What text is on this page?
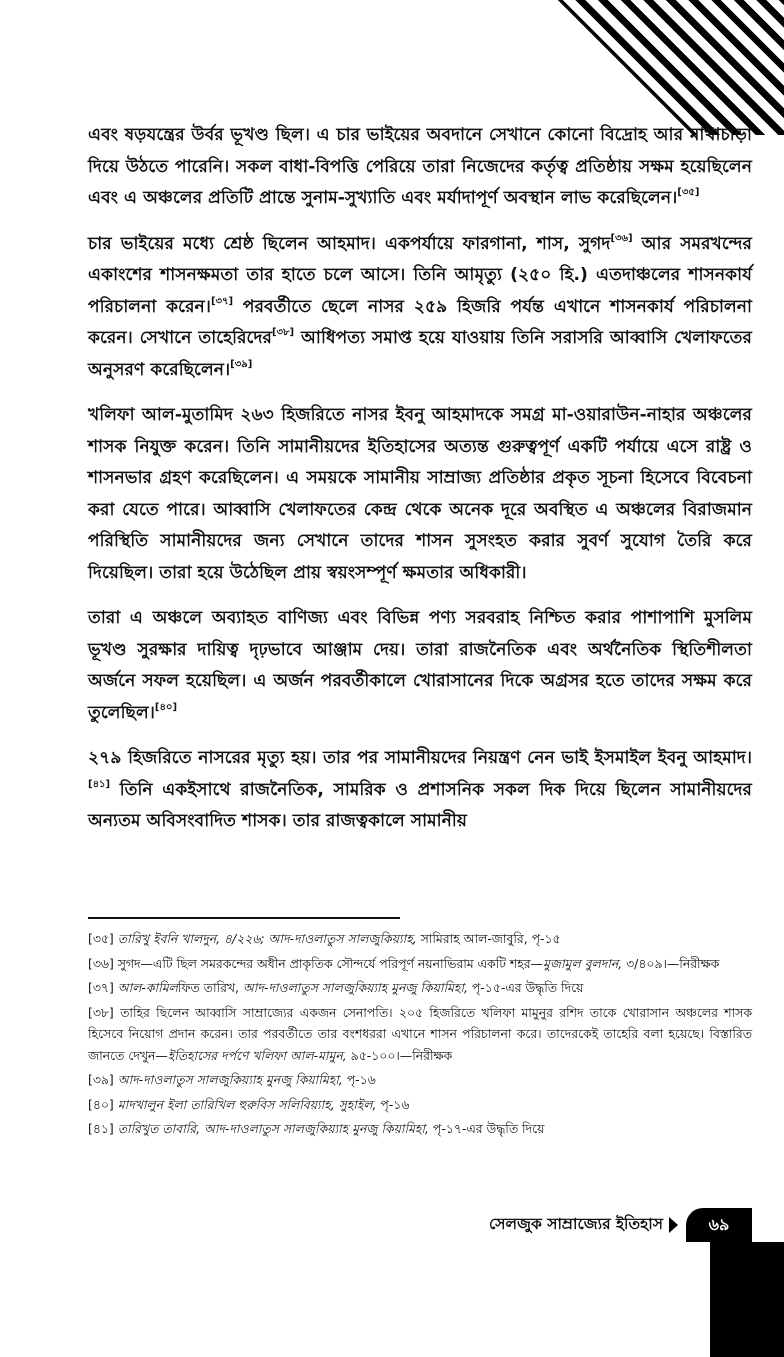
এবং ষড়যন্ত্রের উর্বর ভূখণ্ড ছিল। এ চার ভাইয়ের অবদানে সেখানে কোনো বিদ্রোহ আর মাথাচাড়া দিয়ে উঠতে পারেনি। সকল বাধা-বিপত্তি পেরিয়ে তারা নিজেদের কর্তৃত্ব প্রতিষ্ঠায় সক্ষম হয়েছিলেন এবং এ অঞ্চলের প্রতিটি প্রান্তে সুনাম-সুখ্যাতি এবং মর্যাদাপূর্ণ অবস্থান লাভ করেছিলেন।[৩৫]

চার ভাইয়ের মধ্যে শ্রেষ্ঠ ছিলেন আহমাদ। একপর্যায়ে ফারগানা, শাস, সুগদ[৩৬] আর সমরখন্দের একাংশের শাসনক্ষমতা তার হাতে চলে আসে। তিনি আমৃত্যু (২৫০ হি.) এতদাঞ্চলের শাসনকার্য পরিচালনা করেন।[৩৭] পরবর্তীতে ছেলে নাসর ২৫৯ হিজরি পর্যন্ত এখানে শাসনকার্য পরিচালনা করেন। সেখানে তাহেরিদের[৩৮] আধিপত্য সমাপ্ত হয়ে যাওয়ায় তিনি সরাসরি আব্বাসি খেলাফতের অনুসরণ করেছিলেন।[৩৯]

খলিফা আল-মুতামিদ ২৬৩ হিজরিতে নাসর ইবনু আহমাদকে সমগ্র মা-ওয়ারাউন-নাহার অঞ্চলের শাসক নিযুক্ত করেন। তিনি সামানীয়দের ইতিহাসের অত্যন্ত গুরুত্বপূর্ণ একটি পর্যায়ে এসে রাষ্ট্র ও শাসনভার গ্রহণ করেছিলেন। এ সময়কে সামানীয় সাম্রাজ্য প্রতিষ্ঠার প্রকৃত সূচনা হিসেবে বিবেচনা করা যেতে পারে। আব্বাসি খেলাফতের কেন্দ্র থেকে অনেক দূরে অবস্থিত এ অঞ্চলের বিরাজমান পরিস্থিতি সামানীয়দের জন্য সেখানে তাদের শাসন সুসংহত করার সুবর্ণ সুযোগ তৈরি করে দিয়েছিল। তারা হয়ে উঠেছিল প্রায় স্বয়ংসম্পূর্ণ ক্ষমতার অধিকারী।

তারা এ অঞ্চলে অব্যাহত বাণিজ্য এবং বিভিন্ন পণ্য সরবরাহ নিশ্চিত করার পাশাপাশি মুসলিম ভূখণ্ড সুরক্ষার দায়িত্ব দৃঢ়ভাবে আঞ্জাম দেয়। তারা রাজনৈতিক এবং অর্থনৈতিক স্থিতিশীলতা অর্জনে সফল হয়েছিল। এ অর্জন পরবর্তীকালে খোরাসানের দিকে অগ্রসর হতে তাদের সক্ষম করে তুলেছিল।[৪০]

২৭৯ হিজরিতে নাসরের মৃত্যু হয়। তার পর সামানীয়দের নিয়ন্ত্রণ নেন ভাই ইসমাইল ইবনু আহমাদ।[৪১] তিনি একইসাথে রাজনৈতিক, সামরিক ও প্রশাসনিক সকল দিক দিয়ে ছিলেন সামানীয়দের অন্যতম অবিসংবাদিত শাসক। তার রাজত্বকালে সামানীয়

[৩৫] তারিখু ইবনি খালদুন, ৪/২২৬; আদ-দাওলাতুস সালজুকিয়্যাহ, সামিরাহ আল-জাবুরি, পৃ-১৫

[৩৬] সুগদ—এটি ছিল সমরকন্দের অধীন প্রাকৃতিক সৌন্দর্যে পরিপূর্ণ নয়নাভিরাম একটি শহর—মুজামুল বুলদান, ৩/৪০৯।—নিরীক্ষক

[৩৭] আল-কামিলফিত তারিখ, আদ-দাওলাতুস সালজুকিয়্যাহ মুনজু কিয়ামিহা, পৃ-১৫-এর উদ্ধৃতি দিয়ে

[৩৮] তাহির ছিলেন আব্বাসি সাম্রাজ্যের একজন সেনাপতি। ২০৫ হিজরিতে খলিফা মামুনুর রশিদ তাকে খোরাসান অঞ্চলের শাসক হিসেবে নিয়োগ প্রদান করেন। তার পরবর্তীতে তার বংশধররা এখানে শাসন পরিচালনা করে। তাদেরকেই তাহেরি বলা হয়েছে। বিস্তারিত জানতে দেখুন—ইতিহাসের দর্পণে খলিফা আল-মামুন, ৯৫-১০০।—নিরীক্ষক

[৩৯] আদ-দাওলাতুস সালজুকিয়্যাহ মুনজু কিয়ামিহা, পৃ-১৬

[৪০] মাদখালুন ইলা তারিখিল হুরুবিস সলিবিয়্যাহ, সুহাইল, পৃ-১৬

[৪১] তারিখুত তাবারি, আদ-দাওলাতুস সালজুকিয়্যাহ মুনজু কিয়ামিহা, পৃ-১৭-এর উদ্ধৃতি দিয়ে

সেলজুক সাম্রাজ্যের ইতিহাস	৬৯
